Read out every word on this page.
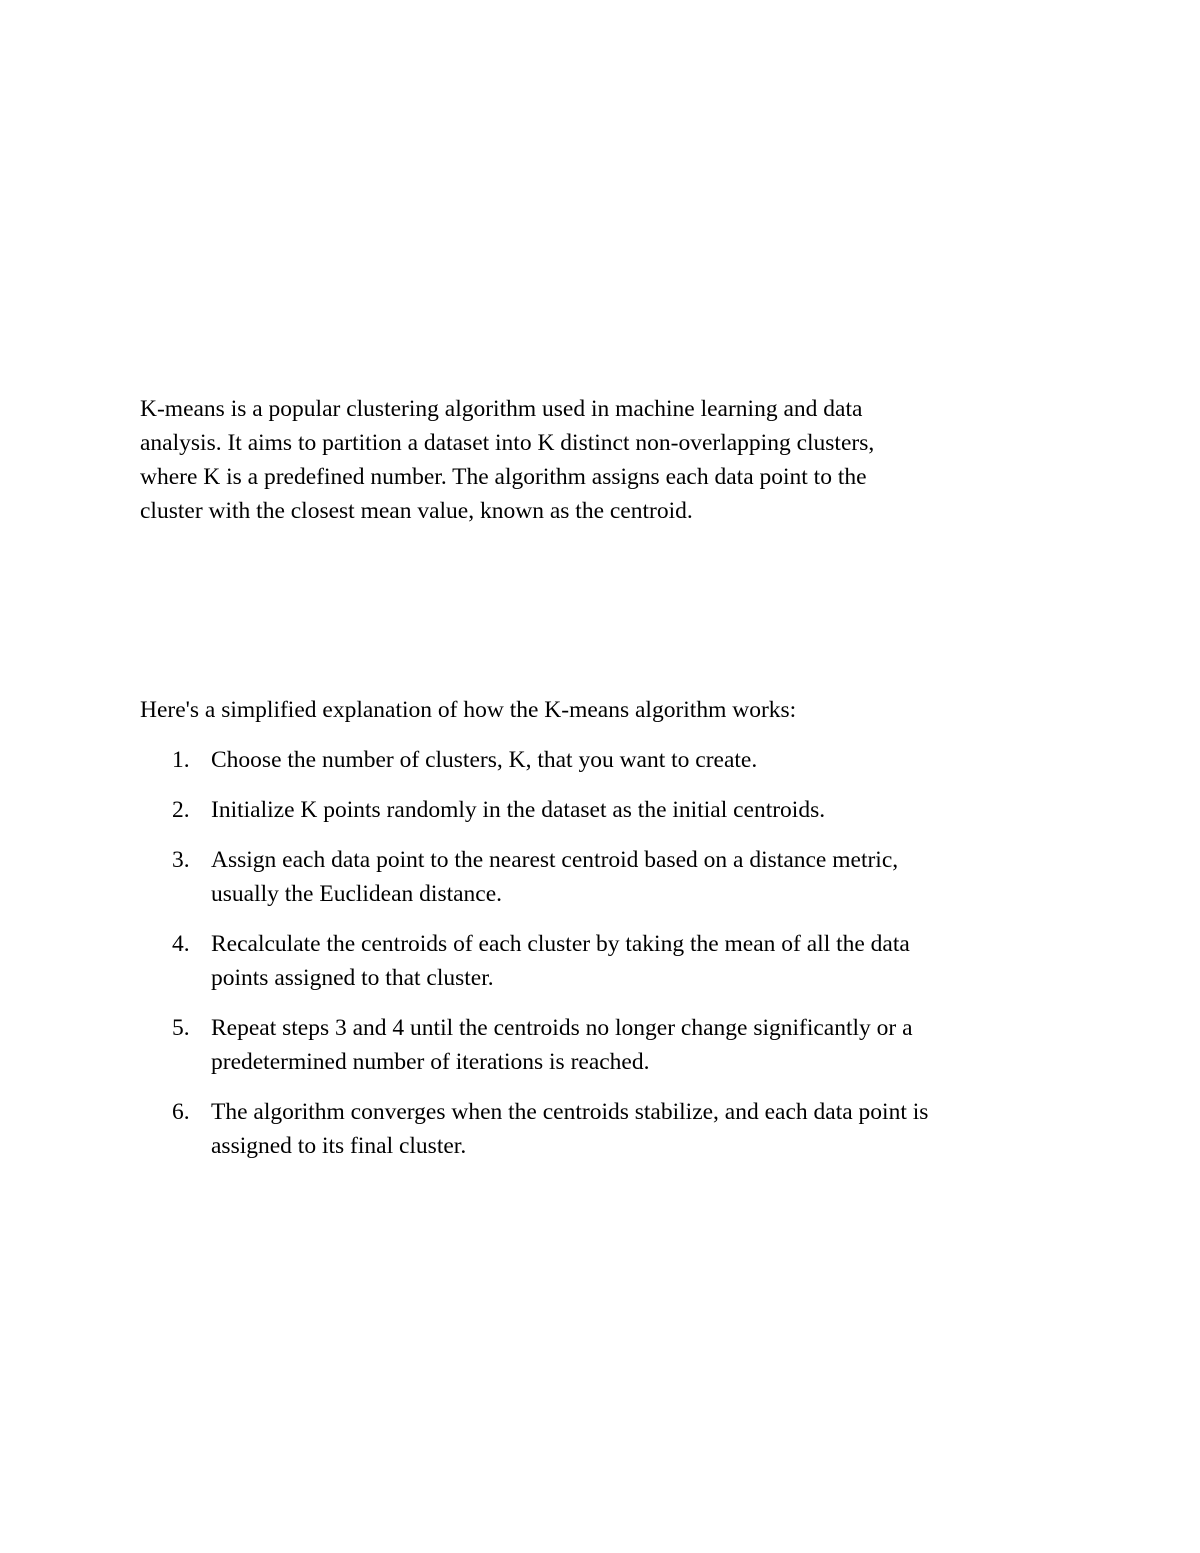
K-means is a popular clustering algorithm used in machine learning and data
analysis. It aims to partition a dataset into K distinct non-overlapping clusters,
where K is a predefined number. The algorithm assigns each data point to the
cluster with the closest mean value, known as the centroid.

Here's a simplified explanation of how the K-means algorithm works:

1. Choose the number of clusters, K, that you want to create.
2. Initialize K points randomly in the dataset as the initial centroids.
3. Assign each data point to the nearest centroid based on a distance metric,
usually the Euclidean distance.
4. Recalculate the centroids of each cluster by taking the mean of all the data
points assigned to that cluster.
5. Repeat steps 3 and 4 until the centroids no longer change significantly or a
predetermined number of iterations is reached.
6. The algorithm converges when the centroids stabilize, and each data point is
assigned to its final cluster.
